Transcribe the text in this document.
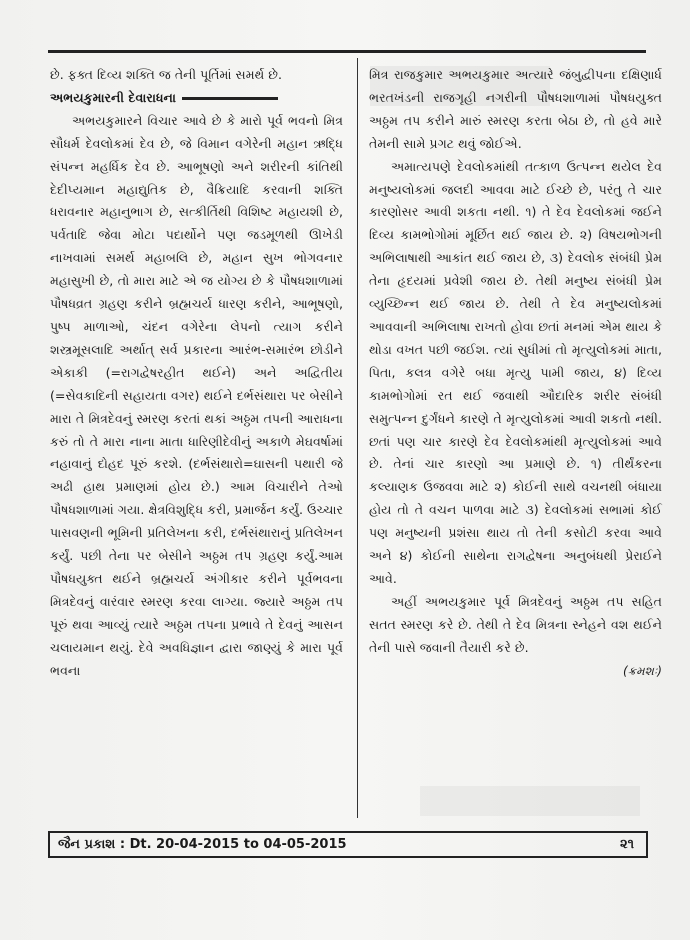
છે. ફક્ત દિવ્ય શક્તિ જ તેની પૂર્તિમાં સમર્થ છે.

અભયકુમારની દેવારાધના

અભયકુમારને વિચાર આવે છે કે મારો પૂર્વ ભવનો મિત્ર સૌધર્મ દેવલોકમાં દેવ છે, જે વિમાન વગેરેની મહાન ઋદ્ધિ સંપન્ન મહર્ધિક દેવ છે. આભૂષણો અને શરીરની કાંતિથી દેદીપ્યમાન મહાદ્યુતિક છે, વૈક્રિયાદિ કરવાની શક્તિ ધરાવનાર મહાનુભાગ છે, સત્કીર્તિથી વિશિષ્ટ મહાયશી છે, પર્વતાદિ જેવા મોટા પદાર્થોને પણ જડમૂળથી ઊખેડી નાખવામાં સમર્થ મહાબલિ છે, મહાન સુખ ભોગવનાર મહાસુખી છે, તો મારા માટે એ જ યોગ્ય છે કે પૌષધશાળામાં પૌષધવ્રત ગ્રહણ કરીને બ્રહ્મચર્ય ધારણ કરીને, આભૂષણો, પુષ્પ માળાઓ, ચંદન વગેરેના લેપનો ત્યાગ કરીને શસ્ત્રમૂસલાદિ અર્થાત્ સર્વ પ્રકારના આરંભ-સમારંભ છોડીને એકાકી (=રાગદ્વેષરહીત થઈને) અને અદ્વિતીય (=સેવકાદિની સહાયતા વગર) થઈને દર્ભસંથારા પર બેસીને મારા તે મિત્રદેવનું સ્મરણ કરતાં થકાં અઠ્ઠમ તપની આરાધના કરું તો તે મારા નાના માતા ધારિણીદેવીનું અકાળે મેઘવર્ષામાં નહાવાનું દોહદ પૂરું કરશે. (દર્ભસંથારો=ઘાસની પથારી જે અઢી હાથ પ્રમાણમાં હોય છે.) આમ વિચારીને તેઓ પૌષધશાળામાં ગયા. ક્ષેત્રવિશુદ્ધિ કરી, પ્રમાર્જન કર્યું. ઉચ્ચાર પાસવણની ભૂમિની પ્રતિલેખના કરી, દર્ભસંથારાનું પ્રતિલેખન કર્યું. પછી તેના પર બેસીને અઠ્ઠમ તપ ગ્રહણ કર્યું.આમ પૌષધયુક્ત થઈને બ્રહ્મચર્ય અંગીકાર કરીને પૂર્વભવના મિત્રદેવનું વારંવાર સ્મરણ કરવા લાગ્યા. જ્યારે અઠ્ઠમ તપ પૂરું થવા આવ્યું ત્યારે અઠ્ઠમ તપના પ્રભાવે તે દેવનું આસન ચલાયમાન થયું. દેવે અવધિજ્ઞાન દ્વારા જાણ્યું કે મારા પૂર્વ ભવના

મિત્ર રાજકુમાર અભયકુમાર અત્યારે જંબુદ્વીપના દક્ષિણાર્ધ ભરતખંડની રાજગૃહી નગરીની પૌષધશાળામાં પૌષધયુક્ત અઠ્ઠમ તપ કરીને મારું સ્મરણ કરતા બેઠા છે, તો હવે મારે તેમની સામે પ્રગટ થવું જોઈએ.

અમાત્યપણે દેવલોકમાંથી તત્કાળ ઉત્પન્ન થયેલ દેવ મનુષ્યલોકમાં જલદી આવવા માટે ઈચ્છે છે, પરંતુ તે ચાર કારણોસર આવી શકતા નથી. ૧) તે દેવ દેવલોકમાં જઈને દિવ્ય કામભોગોમાં મૂર્છિત થઈ જાય છે. ૨) વિષયભોગની અભિલાષાથી આકાંત થઈ જાય છે, ૩) દેવલોક સંબંધી પ્રેમ તેના હૃદયમાં પ્રવેશી જાય છે. તેથી મનુષ્ય સંબંધી પ્રેમ વ્યુચ્છિન્ન થઈ જાય છે. તેથી તે દેવ મનુષ્યલોકમાં આવવાની અભિલાષા રાખતો હોવા છતાં મનમાં એમ થાય કે થોડા વખત પછી જઈશ. ત્યાં સુધીમાં તો મૃત્યુલોકમાં માતા, પિતા, કલત્ર વગેરે બધા મૃત્યુ પામી જાય, ૪) દિવ્ય કામભોગોમાં રત થઈ જવાથી ઔદારિક શરીર સંબંધી સમુત્પન્ન દુર્ગંધને કારણે તે મૃત્યુલોકમાં આવી શકતો નથી. છતાં પણ ચાર કારણે દેવ દેવલોકમાંથી મૃત્યુલોકમાં આવે છે. તેનાં ચાર કારણો આ પ્રમાણે છે. ૧) તીર્થંકરના કલ્યાણક ઉજવવા માટે ૨) કોઈની સાથે વચનથી બંધાયા હોય તો તે વચન પાળવા માટે ૩) દેવલોકમાં સભામાં કોઈ પણ મનુષ્યની પ્રશંસા થાય તો તેની કસોટી કરવા આવે અને ૪) કોઈની સાથેના રાગદ્વેષના અનુબંધથી પ્રેરાઈને આવે.

અહીં અભયકુમાર પૂર્વ મિત્રદેવનું અઠ્ઠમ તપ સહિત સતત સ્મરણ કરે છે. તેથી તે દેવ મિત્રના સ્નેહને વશ થઈને તેની પાસે જવાની તૈયારી કરે છે.

(ક્રમશઃ)

જૈન પ્રકાશ : Dt. 20-04-2015 to 04-05-2015	૨૧
